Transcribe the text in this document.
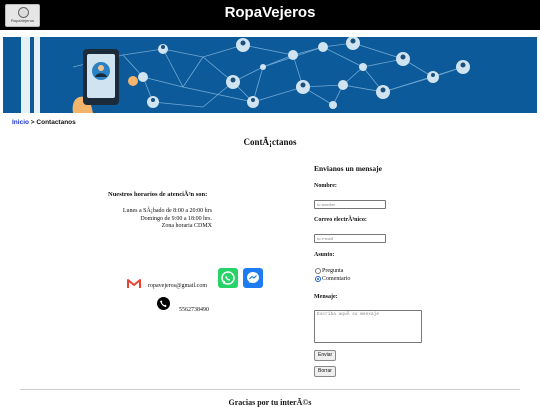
RopaVejeros	RopaVejeros
Inicio > Contactanos
ContÃ¡ctanos
Nuestros horarios de atenciÃ³n son:
Lunes a SÃ¡bado de 8:00 a 20:00 hrs
Domingo de 9:00 a 18:00 hrs.
Zona horaria CDMX
ropavejeros@gmail.com
5562738490
Envianos un mensaje
Nombre:
tu nombre
Correo electrÃ³nico:
tu e-mail
Asunto:
Pregunta
Comentario
Mensaje:
Escriba aquÃ su mensaje
Enviar
Borrar
Gracias por tu interÃ©s
